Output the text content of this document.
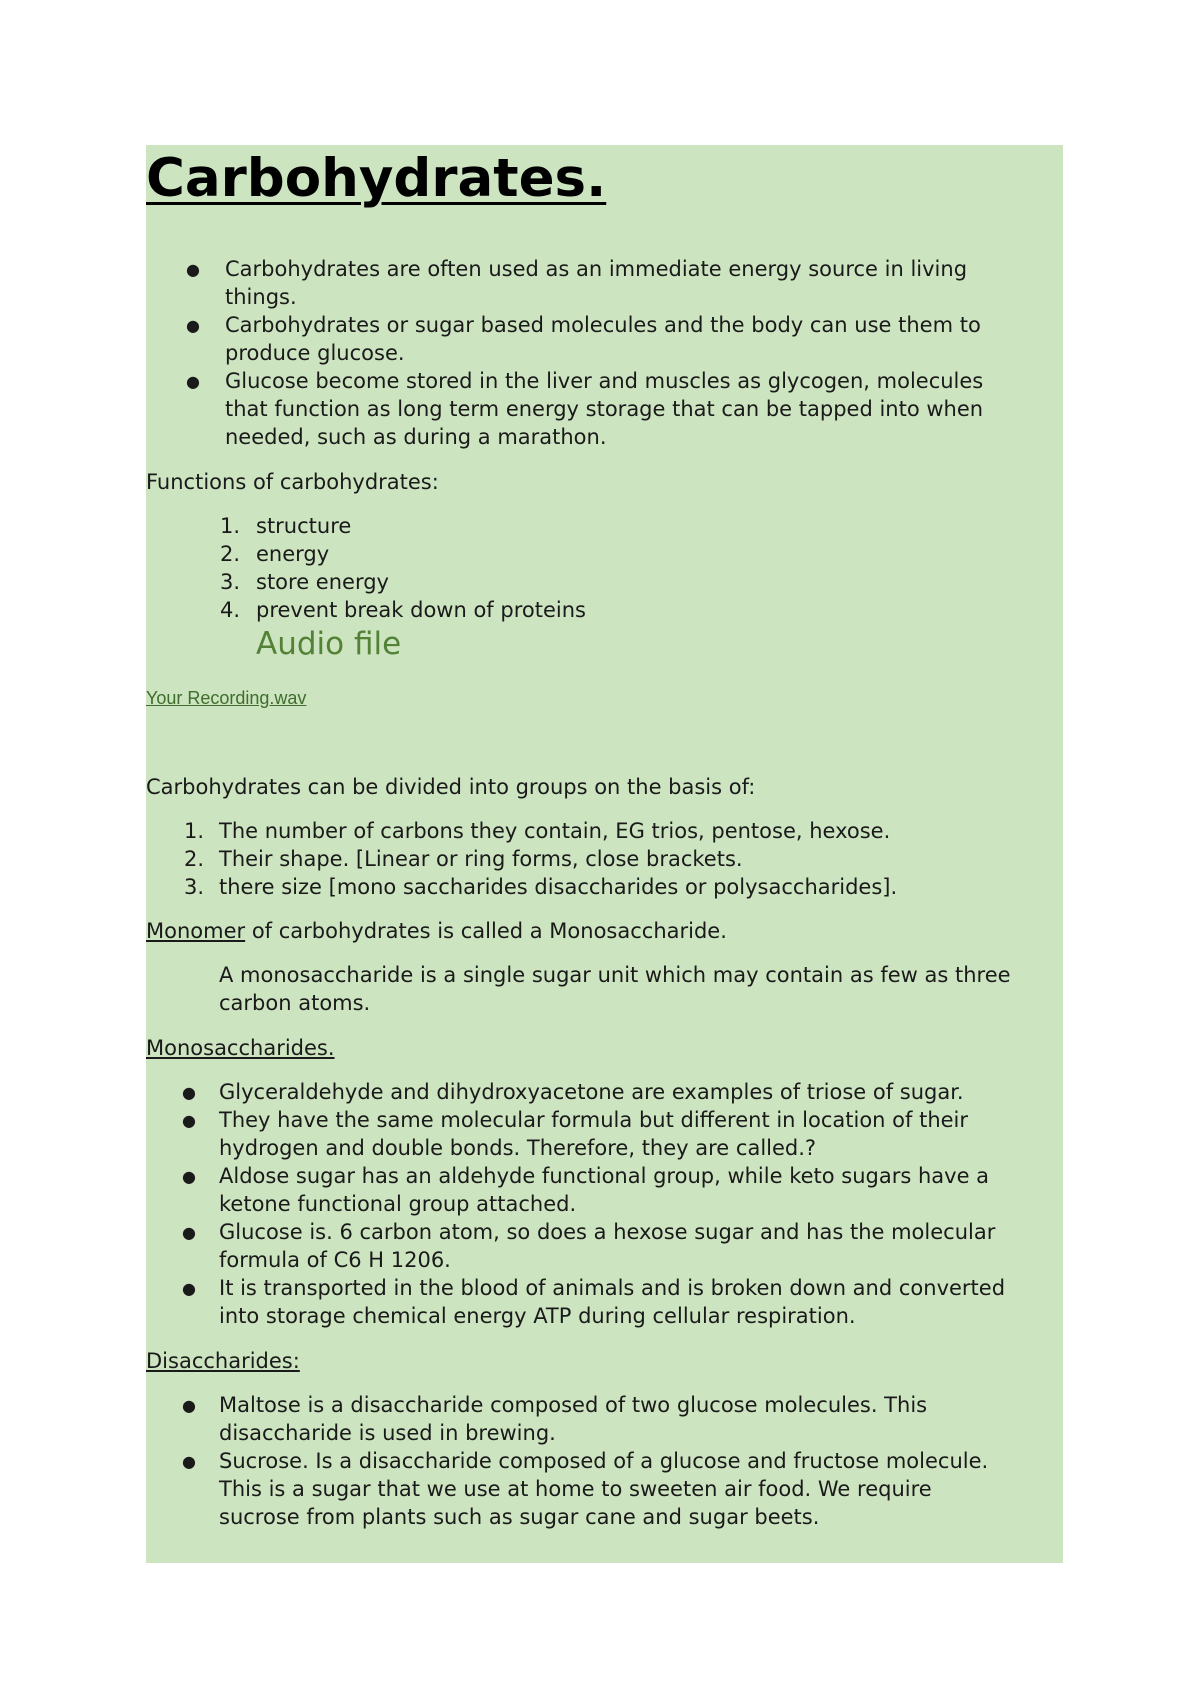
Carbohydrates.
● Carbohydrates are often used as an immediate energy source in living
things.
● Carbohydrates or sugar based molecules and the body can use them to
produce glucose.
● Glucose become stored in the liver and muscles as glycogen, molecules
that function as long term energy storage that can be tapped into when
needed, such as during a marathon.

Functions of carbohydrates:

1. structure
2. energy
3. store energy
4. prevent break down of proteins

Audio file

Your Recording.wav

Carbohydrates can be divided into groups on the basis of:

1. The number of carbons they contain, EG trios, pentose, hexose.
2. Their shape. [Linear or ring forms, close brackets.
3. there size [mono saccharides disaccharides or polysaccharides].

Monomer of carbohydrates is called a Monosaccharide.

A monosaccharide is a single sugar unit which may contain as few as three

carbon atoms.

Monosaccharides.

● Glyceraldehyde and dihydroxyacetone are examples of triose of sugar.
● They have the same molecular formula but different in location of their
hydrogen and double bonds. Therefore, they are called.?
● Aldose sugar has an aldehyde functional group, while keto sugars have a
ketone functional group attached.
● Glucose is. 6 carbon atom, so does a hexose sugar and has the molecular
formula of C6 H 1206.
● It is transported in the blood of animals and is broken down and converted
into storage chemical energy ATP during cellular respiration.

Disaccharides:

● Maltose is a disaccharide composed of two glucose molecules. This
disaccharide is used in brewing.
● Sucrose. Is a disaccharide composed of a glucose and fructose molecule.
This is a sugar that we use at home to sweeten air food. We require
sucrose from plants such as sugar cane and sugar beets.
